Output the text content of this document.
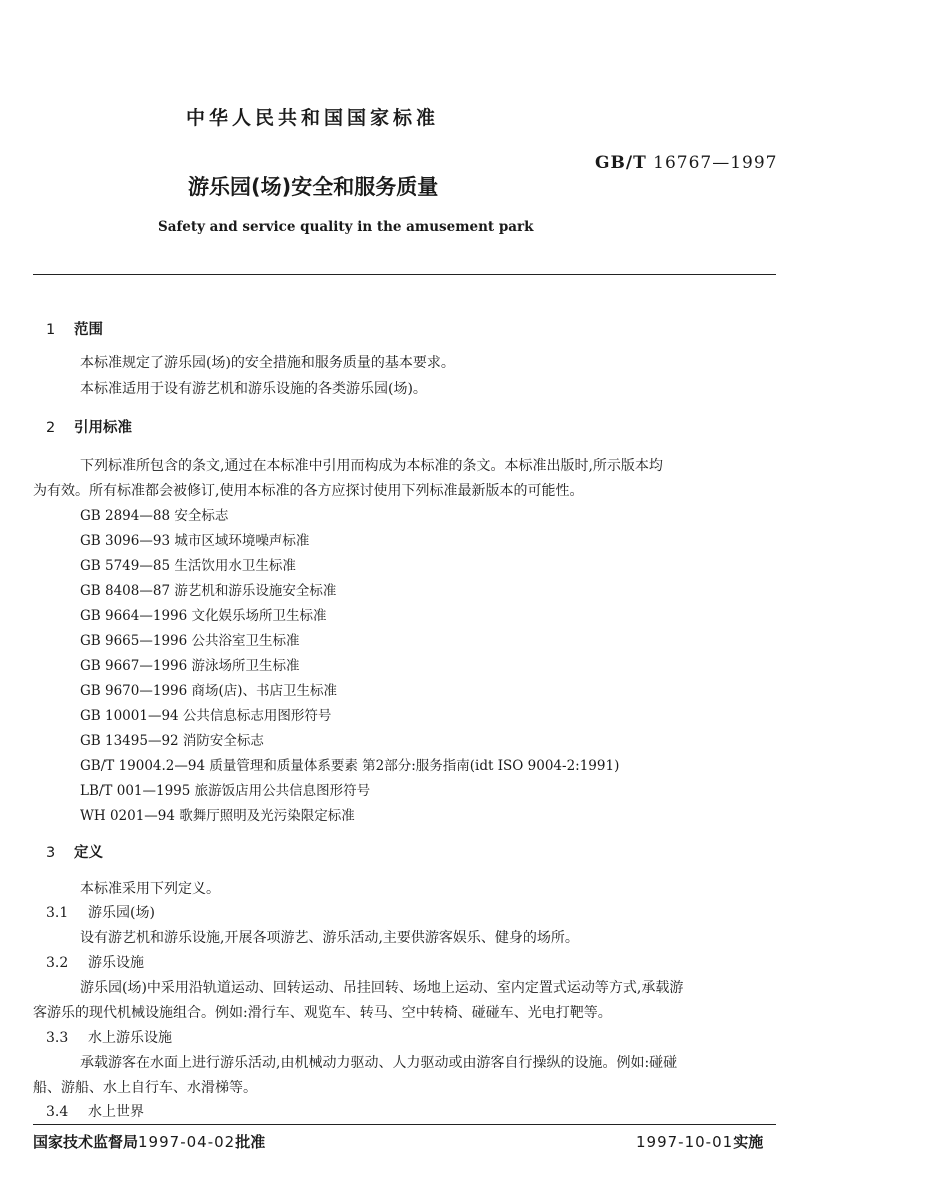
中华人民共和国国家标准
GB/T 16767—1997
游乐园(场)安全和服务质量
Safety and service quality in the amusement park
1 范围
本标准规定了游乐园(场)的安全措施和服务质量的基本要求。
本标准适用于设有游艺机和游乐设施的各类游乐园(场)。
2 引用标准
下列标准所包含的条文,通过在本标准中引用而构成为本标准的条文。本标准出版时,所示版本均
为有效。所有标准都会被修订,使用本标准的各方应探讨使用下列标准最新版本的可能性。
GB 2894—88 安全标志
GB 3096—93 城市区域环境噪声标准
GB 5749—85 生活饮用水卫生标准
GB 8408—87 游艺机和游乐设施安全标准
GB 9664—1996 文化娱乐场所卫生标准
GB 9665—1996 公共浴室卫生标准
GB 9667—1996 游泳场所卫生标准
GB 9670—1996 商场(店)、书店卫生标准
GB 10001—94 公共信息标志用图形符号
GB 13495—92 消防安全标志
GB/T 19004.2—94 质量管理和质量体系要素 第2部分:服务指南(idt ISO 9004-2:1991)
LB/T 001—1995 旅游饭店用公共信息图形符号
WH 0201—94 歌舞厅照明及光污染限定标准
3 定义
本标准采用下列定义。
3.1 游乐园(场)
设有游艺机和游乐设施,开展各项游艺、游乐活动,主要供游客娱乐、健身的场所。
3.2 游乐设施
游乐园(场)中采用沿轨道运动、回转运动、吊挂回转、场地上运动、室内定置式运动等方式,承载游
客游乐的现代机械设施组合。例如:滑行车、观览车、转马、空中转椅、碰碰车、光电打靶等。
3.3 水上游乐设施
承载游客在水面上进行游乐活动,由机械动力驱动、人力驱动或由游客自行操纵的设施。例如:碰碰
船、游船、水上自行车、水滑梯等。
3.4 水上世界
国家技术监督局1997-04-02批准	1997-10-01实施
